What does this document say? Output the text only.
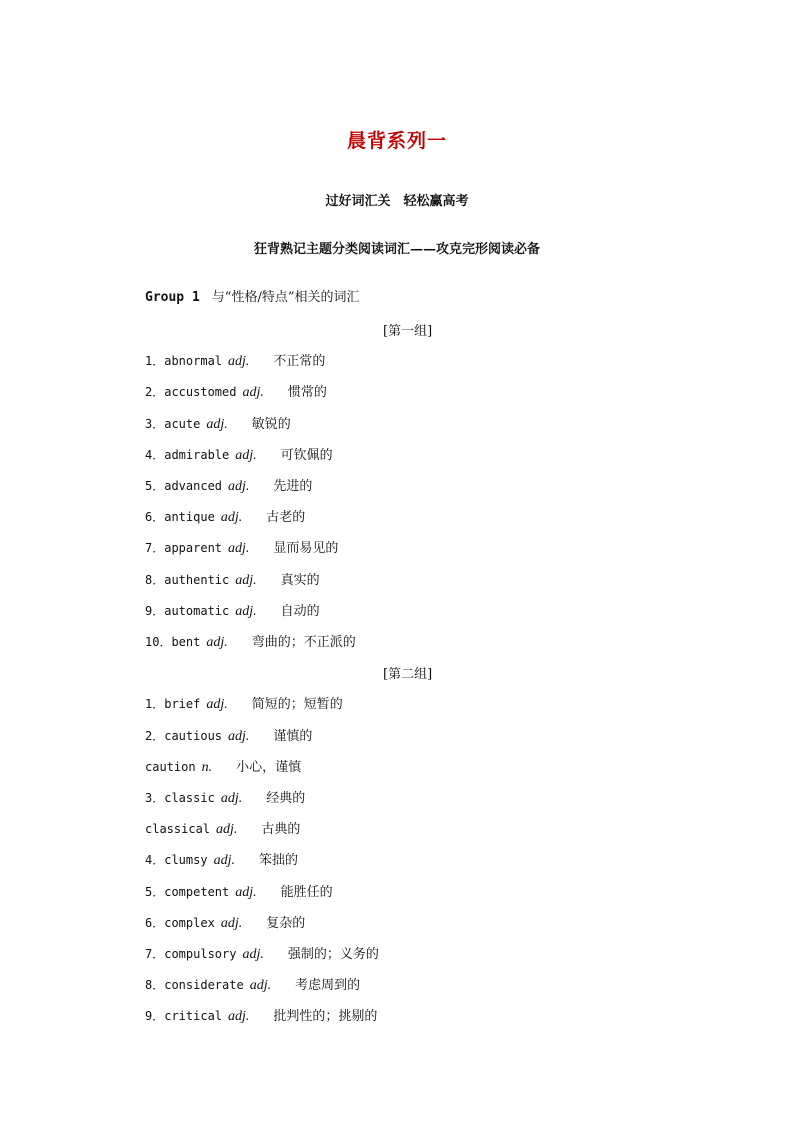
晨背系列一
过好词汇关　轻松赢高考
狂背熟记主题分类阅读词汇——攻克完形阅读必备
Group 1 与“性格/特点”相关的词汇
[第一组]
1．abnormal adj. 不正常的
2．accustomed adj. 惯常的
3．acute adj. 敏锐的
4．admirable adj. 可钦佩的
5．advanced adj. 先进的
6．antique adj. 古老的
7．apparent adj. 显而易见的
8．authentic adj. 真实的
9．automatic adj. 自动的
10．bent adj. 弯曲的；不正派的
[第二组]
1．brief adj. 简短的；短暂的
2．cautious adj. 谨慎的
caution n. 小心，谨慎
3．classic adj. 经典的
classical adj. 古典的
4．clumsy adj. 笨拙的
5．competent adj. 能胜任的
6．complex adj. 复杂的
7．compulsory adj. 强制的；义务的
8．considerate adj. 考虑周到的
9．critical adj. 批判性的；挑剔的
